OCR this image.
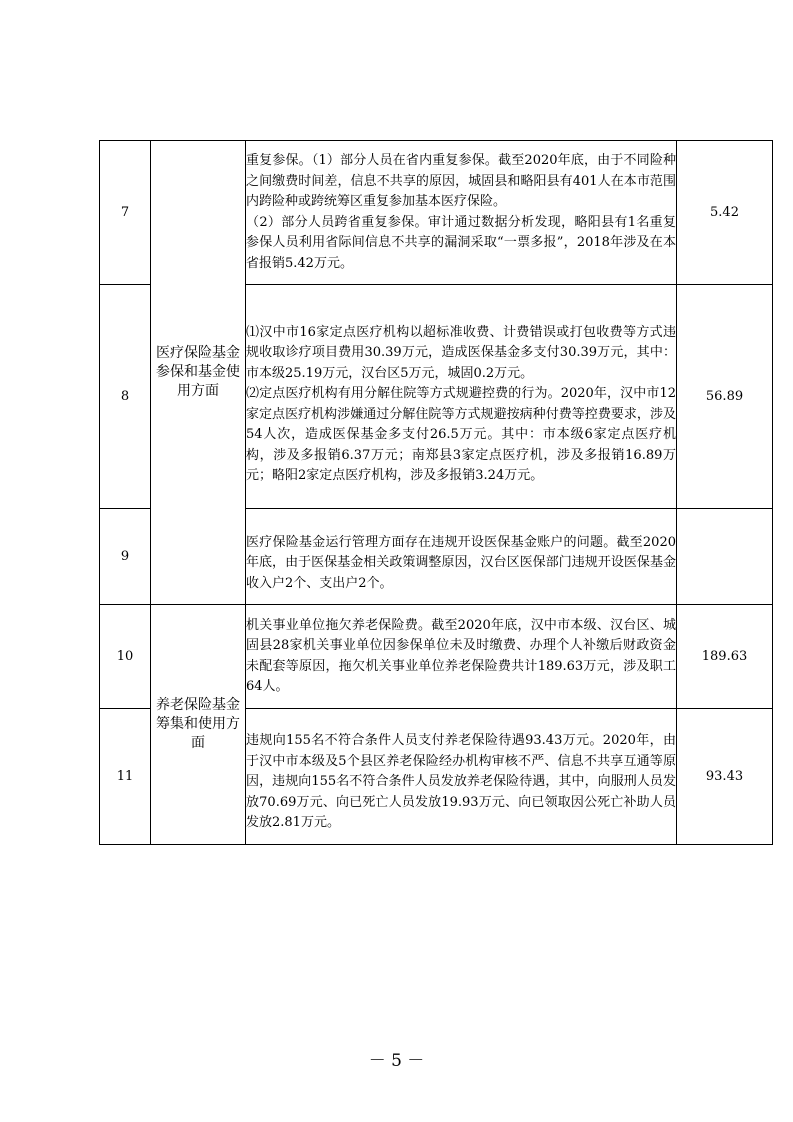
7	医疗保险基金参保和基金使用方面	重复参保。（1）部分人员在省内重复参保。截至2020年底，由于不同险种之间缴费时间差，信息不共享的原因，城固县和略阳县有401人在本市范围内跨险种或跨统筹区重复参加基本医疗保险。

（2）部分人员跨省重复参保。审计通过数据分析发现，略阳县有1名重复参保人员利用省际间信息不共享的漏洞采取“一票多报”，2018年涉及在本省报销5.42万元。	5.42
8		⑴汉中市16家定点医疗机构以超标准收费、计费错误或打包收费等方式违规收取诊疗项目费用30.39万元，造成医保基金多支付30.39万元，其中：市本级25.19万元，汉台区5万元，城固0.2万元。

⑵定点医疗机构有用分解住院等方式规避控费的行为。2020年，汉中市12家定点医疗机构涉嫌通过分解住院等方式规避按病种付费等控费要求，涉及54人次，造成医保基金多支付26.5万元。其中：市本级6家定点医疗机构，涉及多报销6.37万元；南郑县3家定点医疗机，涉及多报销16.89万元；略阳2家定点医疗机构，涉及多报销3.24万元。	56.89
9		医疗保险基金运行管理方面存在违规开设医保基金账户的问题。截至2020年底，由于医保基金相关政策调整原因，汉台区医保部门违规开设医保基金收入户2个、支出户2个。	

10	养老保险基金筹集和使用方面	机关事业单位拖欠养老保险费。截至2020年底，汉中市本级、汉台区、城固县28家机关事业单位因参保单位未及时缴费、办理个人补缴后财政资金未配套等原因，拖欠机关事业单位养老保险费共计189.63万元，涉及职工64人。	189.63
11		违规向155名不符合条件人员支付养老保险待遇93.43万元。2020年，由于汉中市本级及5个县区养老保险经办机构审核不严、信息不共享互通等原因，违规向155名不符合条件人员发放养老保险待遇，其中，向服刑人员发放70.69万元、向已死亡人员发放19.93万元、向已领取因公死亡补助人员发放2.81万元。	93.43
－ 5 －
